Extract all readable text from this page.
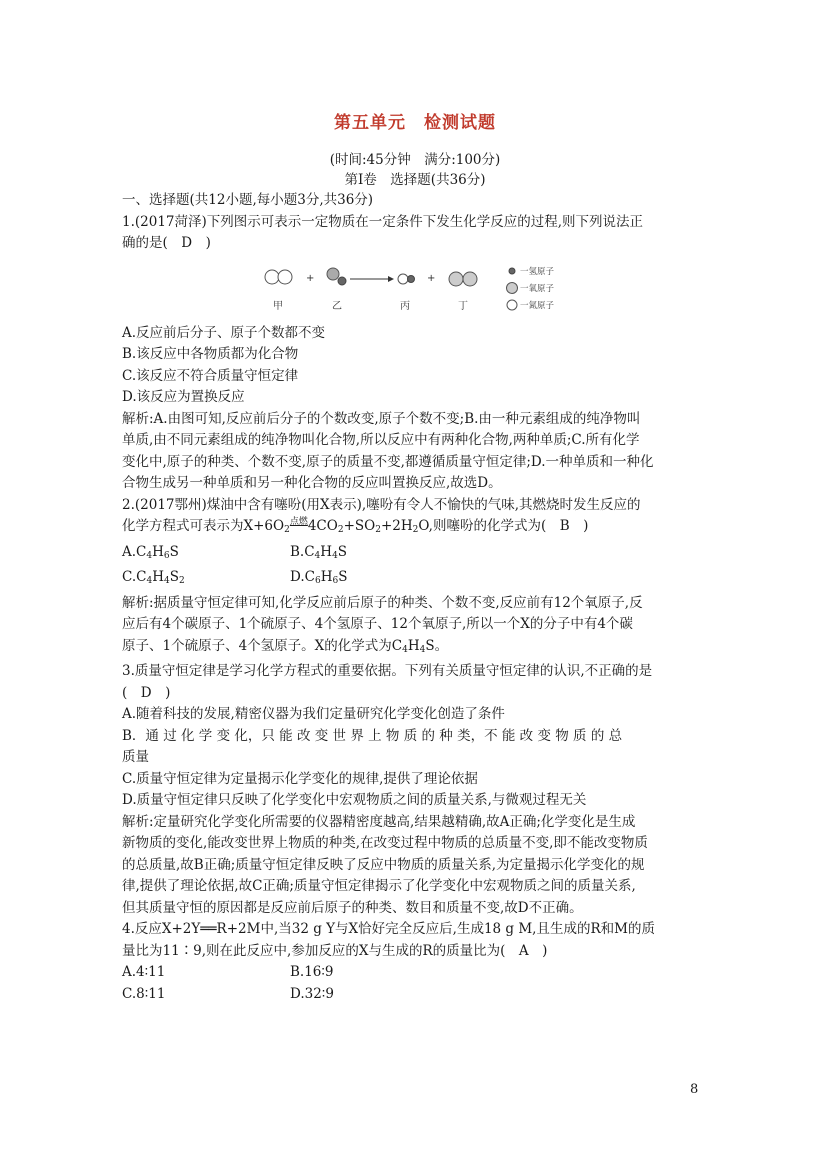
第五单元　检测试题
(时间:45分钟　满分:100分)
第Ⅰ卷　选择题(共36分)
一、选择题(共12小题,每小题3分,共36分)
1.(2017菏泽)下列图示可表示一定物质在一定条件下发生化学反应的过程,则下列说法正
确的是(　D　)
+	+
甲	乙	丙	丁
一氢原子
一氧原子
一氮原子
A.反应前后分子、原子个数都不变
B.该反应中各物质都为化合物
C.该反应不符合质量守恒定律
D.该反应为置换反应
解析:A.由图可知,反应前后分子的个数改变,原子个数不变;B.由一种元素组成的纯净物叫
单质,由不同元素组成的纯净物叫化合物,所以反应中有两种化合物,两种单质;C.所有化学
变化中,原子的种类、个数不变,原子的质量不变,都遵循质量守恒定律;D.一种单质和一种化
合物生成另一种单质和另一种化合物的反应叫置换反应,故选D。
2.(2017鄂州)煤油中含有噻吩(用X表示),噻吩有令人不愉快的气味,其燃烧时发生反应的
化学方程式可表示为$X+6O_2$点燃$4CO_2+SO_2+2H_2O$,则噻吩的化学式为(　B　)
A.C4H6S	B.C4H4S
C.C4H4S2	D.C6H6S
解析:据质量守恒定律可知,化学反应前后原子的种类、个数不变,反应前有12个氧原子,反
应后有4个碳原子、1个硫原子、4个氢原子、12个氧原子,所以一个X的分子中有4个碳
原子、1个硫原子、4个氢原子。X的化学式为$C_4H_4S$。
3.质量守恒定律是学习化学方程式的重要依据。下列有关质量守恒定律的认识,不正确的是
(　D　)
A.随着科技的发展,精密仪器为我们定量研究化学变化创造了条件
B．通 过 化 学 变 化，只 能 改 变 世 界 上 物 质 的 种 类，不 能 改 变 物 质 的 总
质量
C.质量守恒定律为定量揭示化学变化的规律,提供了理论依据
D.质量守恒定律只反映了化学变化中宏观物质之间的质量关系,与微观过程无关
解析:定量研究化学变化所需要的仪器精密度越高,结果越精确,故A正确;化学变化是生成
新物质的变化,能改变世界上物质的种类,在改变过程中物质的总质量不变,即不能改变物质
的总质量,故B正确;质量守恒定律反映了反应中物质的质量关系,为定量揭示化学变化的规
律,提供了理论依据,故C正确;质量守恒定律揭示了化学变化中宏观物质之间的质量关系,
但其质量守恒的原因都是反应前后原子的种类、数目和质量不变,故D不正确。
4.反应X+2Y══R+2M中,当32 g Y与X恰好完全反应后,生成18 g M,且生成的R和M的质
量比为11∶9,则在此反应中,参加反应的X与生成的R的质量比为(　A　)
A.4∶11	B.16∶9
C.8∶11	D.32∶9
8
